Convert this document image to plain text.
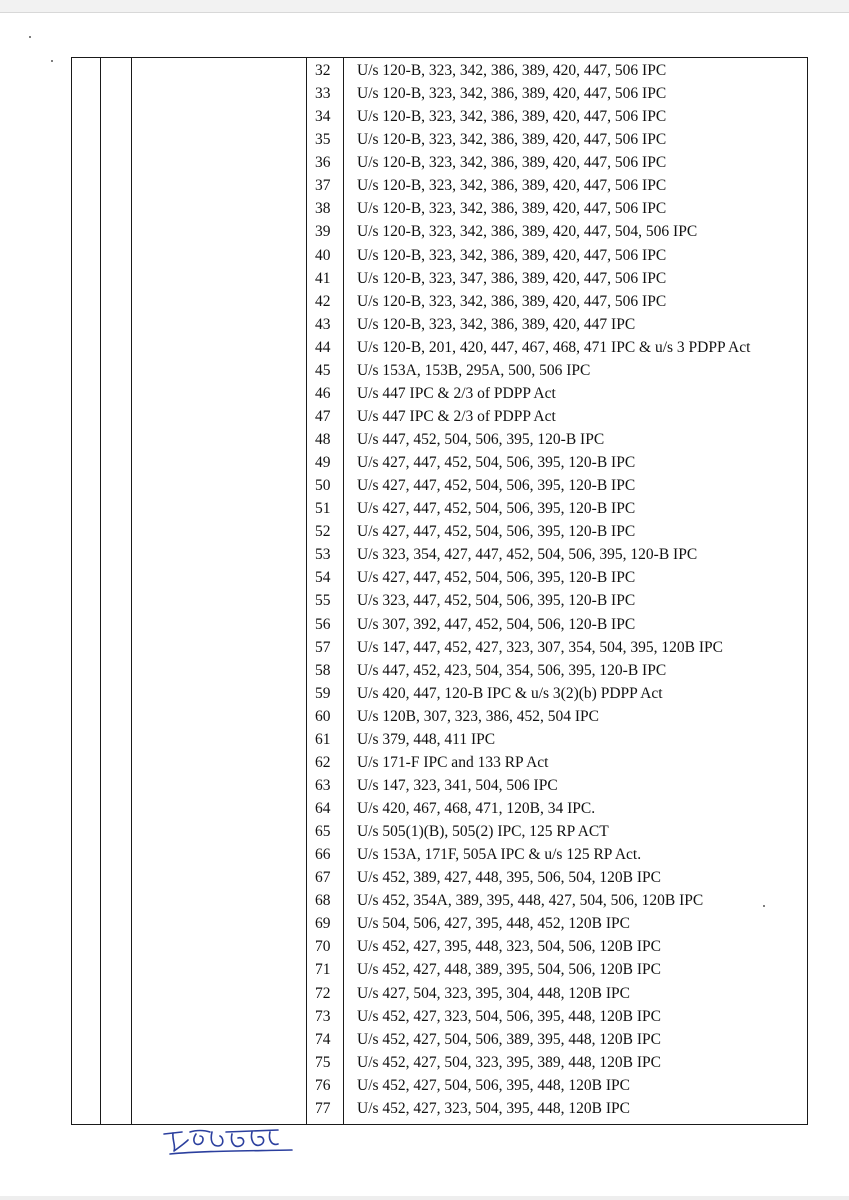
32 U/s 120-B, 323, 342, 386, 389, 420, 447, 506 IPC
33 U/s 120-B, 323, 342, 386, 389, 420, 447, 506 IPC
34 U/s 120-B, 323, 342, 386, 389, 420, 447, 506 IPC
35 U/s 120-B, 323, 342, 386, 389, 420, 447, 506 IPC
36 U/s 120-B, 323, 342, 386, 389, 420, 447, 506 IPC
37 U/s 120-B, 323, 342, 386, 389, 420, 447, 506 IPC
38 U/s 120-B, 323, 342, 386, 389, 420, 447, 506 IPC
39 U/s 120-B, 323, 342, 386, 389, 420, 447, 504, 506 IPC
40 U/s 120-B, 323, 342, 386, 389, 420, 447, 506 IPC
41 U/s 120-B, 323, 347, 386, 389, 420, 447, 506 IPC
42 U/s 120-B, 323, 342, 386, 389, 420, 447, 506 IPC
43 U/s 120-B, 323, 342, 386, 389, 420, 447 IPC
44 U/s 120-B, 201, 420, 447, 467, 468, 471 IPC & u/s 3 PDPP Act
45 U/s 153A, 153B, 295A, 500, 506 IPC
46 U/s 447 IPC & 2/3 of PDPP Act
47 U/s 447 IPC & 2/3 of PDPP Act
48 U/s 447, 452, 504, 506, 395, 120-B IPC
49 U/s 427, 447, 452, 504, 506, 395, 120-B IPC
50 U/s 427, 447, 452, 504, 506, 395, 120-B IPC
51 U/s 427, 447, 452, 504, 506, 395, 120-B IPC
52 U/s 427, 447, 452, 504, 506, 395, 120-B IPC
53 U/s 323, 354, 427, 447, 452, 504, 506, 395, 120-B IPC
54 U/s 427, 447, 452, 504, 506, 395, 120-B IPC
55 U/s 323, 447, 452, 504, 506, 395, 120-B IPC
56 U/s 307, 392, 447, 452, 504, 506, 120-B IPC
57 U/s 147, 447, 452, 427, 323, 307, 354, 504, 395, 120B IPC
58 U/s 447, 452, 423, 504, 354, 506, 395, 120-B IPC
59 U/s 420, 447, 120-B IPC & u/s 3(2)(b) PDPP Act
60 U/s 120B, 307, 323, 386, 452, 504 IPC
61 U/s 379, 448, 411 IPC
62 U/s 171-F IPC and 133 RP Act
63 U/s 147, 323, 341, 504, 506 IPC
64 U/s 420, 467, 468, 471, 120B, 34 IPC.
65 U/s 505(1)(B), 505(2) IPC, 125 RP ACT
66 U/s 153A, 171F, 505A IPC & u/s 125 RP Act.
67 U/s 452, 389, 427, 448, 395, 506, 504, 120B IPC
68 U/s 452, 354A, 389, 395, 448, 427, 504, 506, 120B IPC
69 U/s 504, 506, 427, 395, 448, 452, 120B IPC
70 U/s 452, 427, 395, 448, 323, 504, 506, 120B IPC
71 U/s 452, 427, 448, 389, 395, 504, 506, 120B IPC
72 U/s 427, 504, 323, 395, 304, 448, 120B IPC
73 U/s 452, 427, 323, 504, 506, 395, 448, 120B IPC
74 U/s 452, 427, 504, 506, 389, 395, 448, 120B IPC
75 U/s 452, 427, 504, 323, 395, 389, 448, 120B IPC
76 U/s 452, 427, 504, 506, 395, 448, 120B IPC
77 U/s 452, 427, 323, 504, 395, 448, 120B IPC
